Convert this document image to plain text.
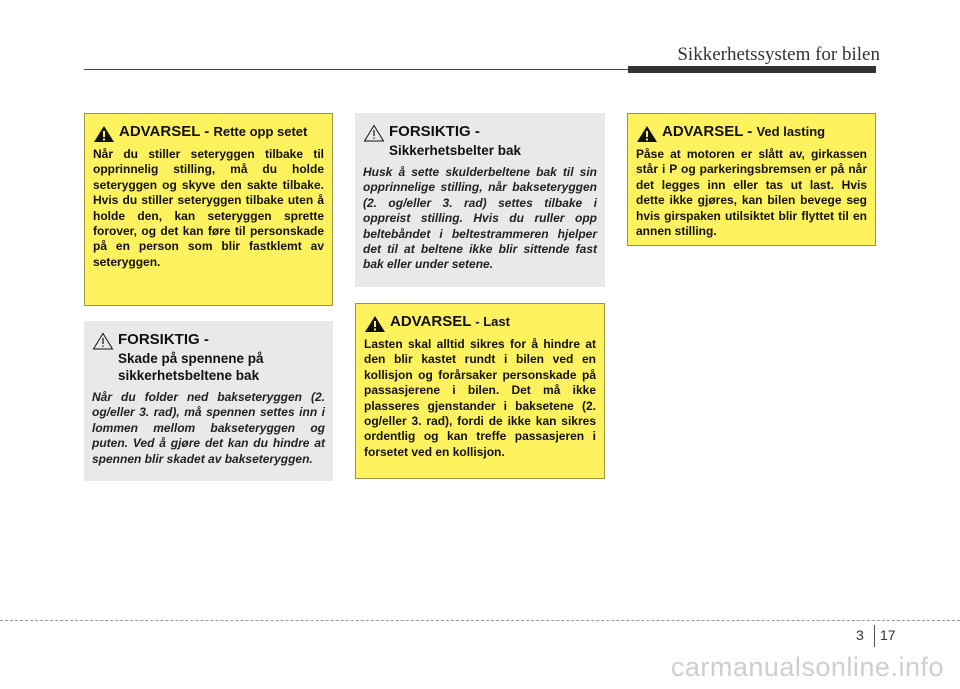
Sikkerhetssystem for bilen
ADVARSEL - Rette opp setet
Når du stiller seteryggen tilbake til opprinnelig stilling, må du holde seteryggen og skyve den sakte tilbake. Hvis du stiller seteryggen tilbake uten å holde den, kan seteryggen sprette forover, og det kan føre til personskade på en person som blir fastklemt av seteryggen.
FORSIKTIG -
Skade på spennene på sikkerhetsbeltene bak
Når du folder ned bakseteryggen (2. og/eller 3. rad), må spennen settes inn i lommen mellom bakseteryggen og puten. Ved å gjøre det kan du hindre at spennen blir skadet av bakseteryggen.
FORSIKTIG -
Sikkerhetsbelter bak
Husk å sette skulderbeltene bak til sin opprinnelige stilling, når bakseteryggen (2. og/eller 3. rad) settes tilbake i oppreist stilling. Hvis du ruller opp beltebåndet i beltestrammeren hjelper det til at beltene ikke blir sittende fast bak eller under setene.
ADVARSEL - Last
Lasten skal alltid sikres for å hindre at den blir kastet rundt i bilen ved en kollisjon og forårsaker personskade på passasjerene i bilen. Det må ikke plasseres gjenstander i baksetene (2. og/eller 3. rad), fordi de ikke kan sikres ordentlig og kan treffe passasjeren i forsetet ved en kollisjon.
ADVARSEL - Ved lasting
Påse at motoren er slått av, girkassen står i P og parkeringsbremsen er på når det legges inn eller tas ut last. Hvis dette ikke gjøres, kan bilen bevege seg hvis girspaken utilsiktet blir flyttet til en annen stilling.
3 17
carmanualsonline.info
